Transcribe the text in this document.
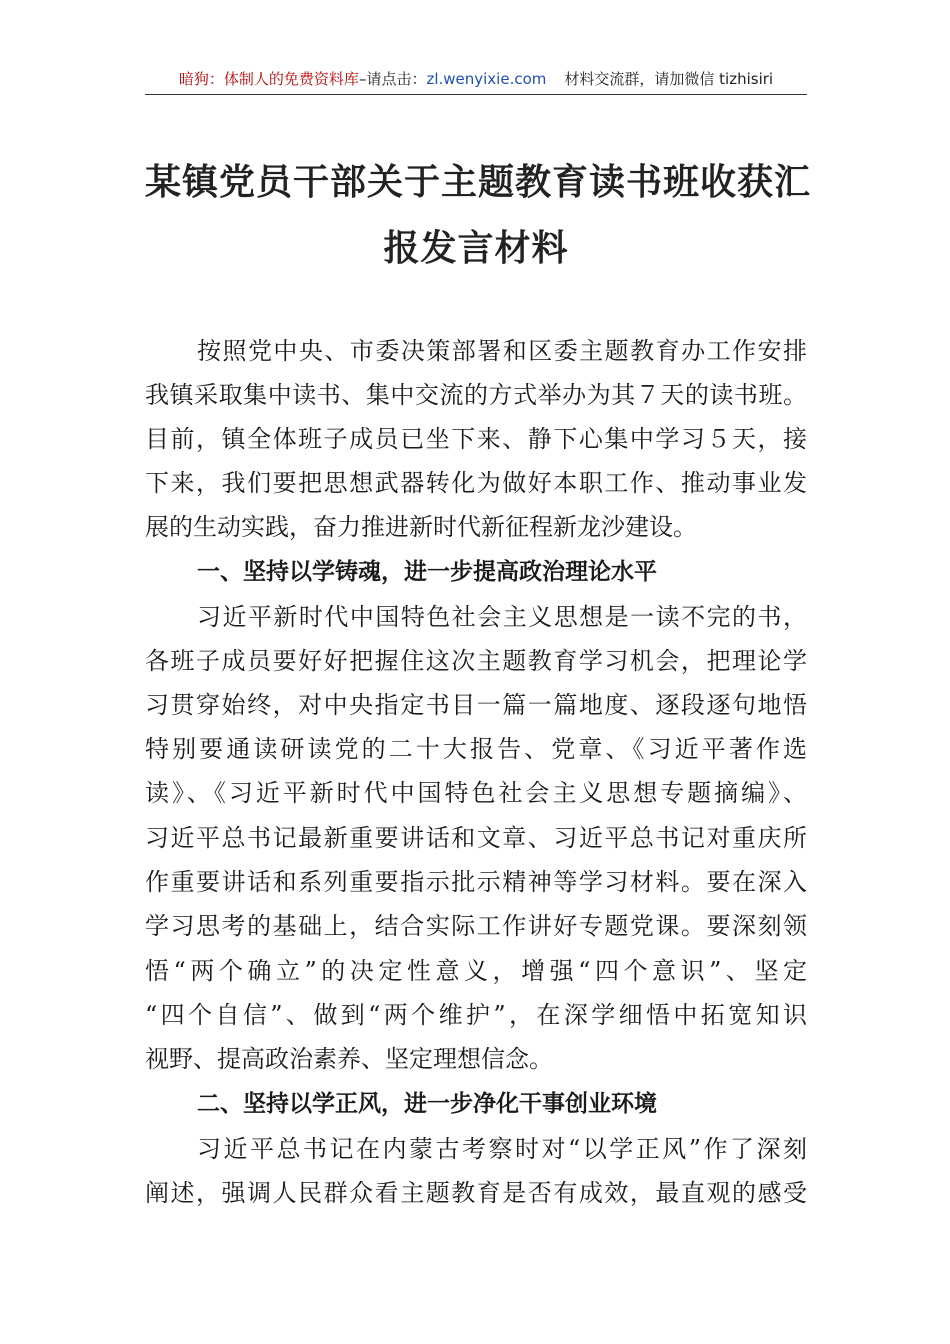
暗狗：体制人的免费资料库–请点击：zl.wenyixie.com 材料交流群，请加微信 tizhisiri
某镇党员干部关于主题教育读书班收获汇
报发言材料
按照党中央、市委决策部署和区委主题教育办工作安排
我镇采取集中读书、集中交流的方式举办为其７天的读书班。
目前，镇全体班子成员已坐下来、静下心集中学习５天，接
下来，我们要把思想武器转化为做好本职工作、推动事业发
展的生动实践，奋力推进新时代新征程新龙沙建设。
一、坚持以学铸魂，进一步提高政治理论水平
习近平新时代中国特色社会主义思想是一读不完的书，
各班子成员要好好把握住这次主题教育学习机会，把理论学
习贯穿始终，对中央指定书目一篇一篇地度、逐段逐句地悟
特别要通读研读党的二十大报告、党章、《习近平著作选
读》、《习近平新时代中国特色社会主义思想专题摘编》、
习近平总书记最新重要讲话和文章、习近平总书记对重庆所
作重要讲话和系列重要指示批示精神等学习材料。要在深入
学习思考的基础上，结合实际工作讲好专题党课。要深刻领
悟“两个确立”的决定性意义，增强“四个意识”、坚定
“四个自信”、做到“两个维护”，在深学细悟中拓宽知识
视野、提高政治素养、坚定理想信念。
二、坚持以学正风，进一步净化干事创业环境
习近平总书记在内蒙古考察时对“以学正风”作了深刻
阐述，强调人民群众看主题教育是否有成效，最直观的感受
